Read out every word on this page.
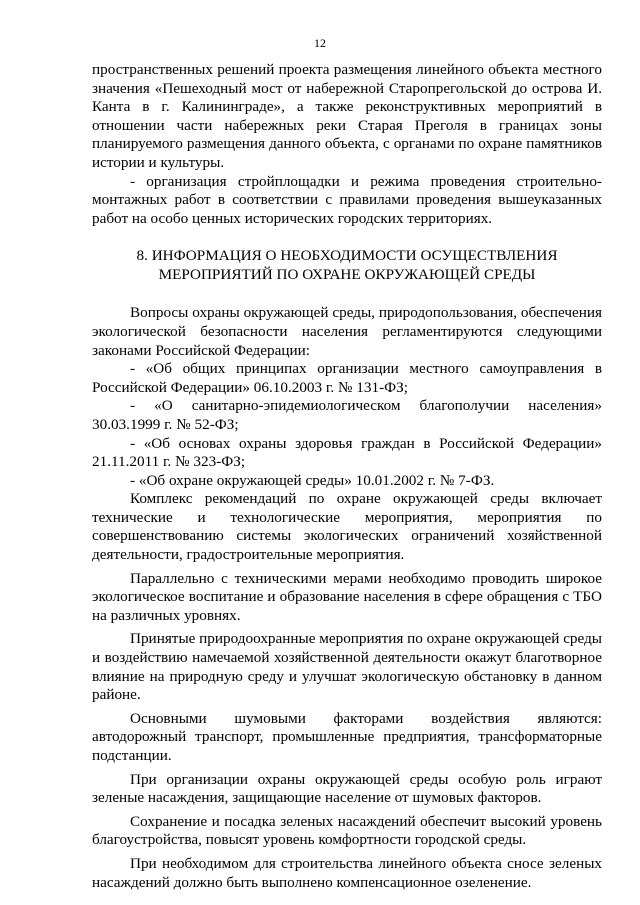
12

пространственных решений проекта размещения линейного объекта местного значения «Пешеходный мост от набережной Старопрегольской до острова И. Канта в г. Калининграде», а также реконструктивных мероприятий в отношении части набережных реки Старая Преголя в границах зоны планируемого размещения данного объекта, с органами по охране памятников истории и культуры.

- организация стройплощадки и режима проведения строительно-монтажных работ в соответствии с правилами проведения вышеуказанных работ на особо ценных исторических городских территориях.

8. ИНФОРМАЦИЯ О НЕОБХОДИМОСТИ ОСУЩЕСТВЛЕНИЯ
МЕРОПРИЯТИЙ ПО ОХРАНЕ ОКРУЖАЮЩЕЙ СРЕДЫ

Вопросы охраны окружающей среды, природопользования, обеспечения экологической безопасности населения регламентируются следующими законами Российской Федерации:

- «Об общих принципах организации местного самоуправления в Российской Федерации» 06.10.2003 г. № 131-ФЗ;

- «О санитарно-эпидемиологическом благополучии населения» 30.03.1999 г. № 52-ФЗ;

- «Об основах охраны здоровья граждан в Российской Федерации» 21.11.2011 г. № 323-ФЗ;

- «Об охране окружающей среды» 10.01.2002 г. № 7-ФЗ.

Комплекс рекомендаций по охране окружающей среды включает технические и технологические мероприятия, мероприятия по совершенствованию системы экологических ограничений хозяйственной деятельности, градостроительные мероприятия.

Параллельно с техническими мерами необходимо проводить широкое экологическое воспитание и образование населения в сфере обращения с ТБО на различных уровнях.

Принятые природоохранные мероприятия по охране окружающей среды и воздействию намечаемой хозяйственной деятельности окажут благотворное влияние на природную среду и улучшат экологическую обстановку в данном районе.

Основными шумовыми факторами воздействия являются: автодорожный транспорт, промышленные предприятия, трансформаторные подстанции.

При организации охраны окружающей среды особую роль играют зеленые насаждения, защищающие население от шумовых факторов.

Сохранение и посадка зеленых насаждений обеспечит высокий уровень благоустройства, повысят уровень комфортности городской среды.

При необходимом для строительства линейного объекта сносе зеленых насаждений должно быть выполнено компенсационное озеленение.
